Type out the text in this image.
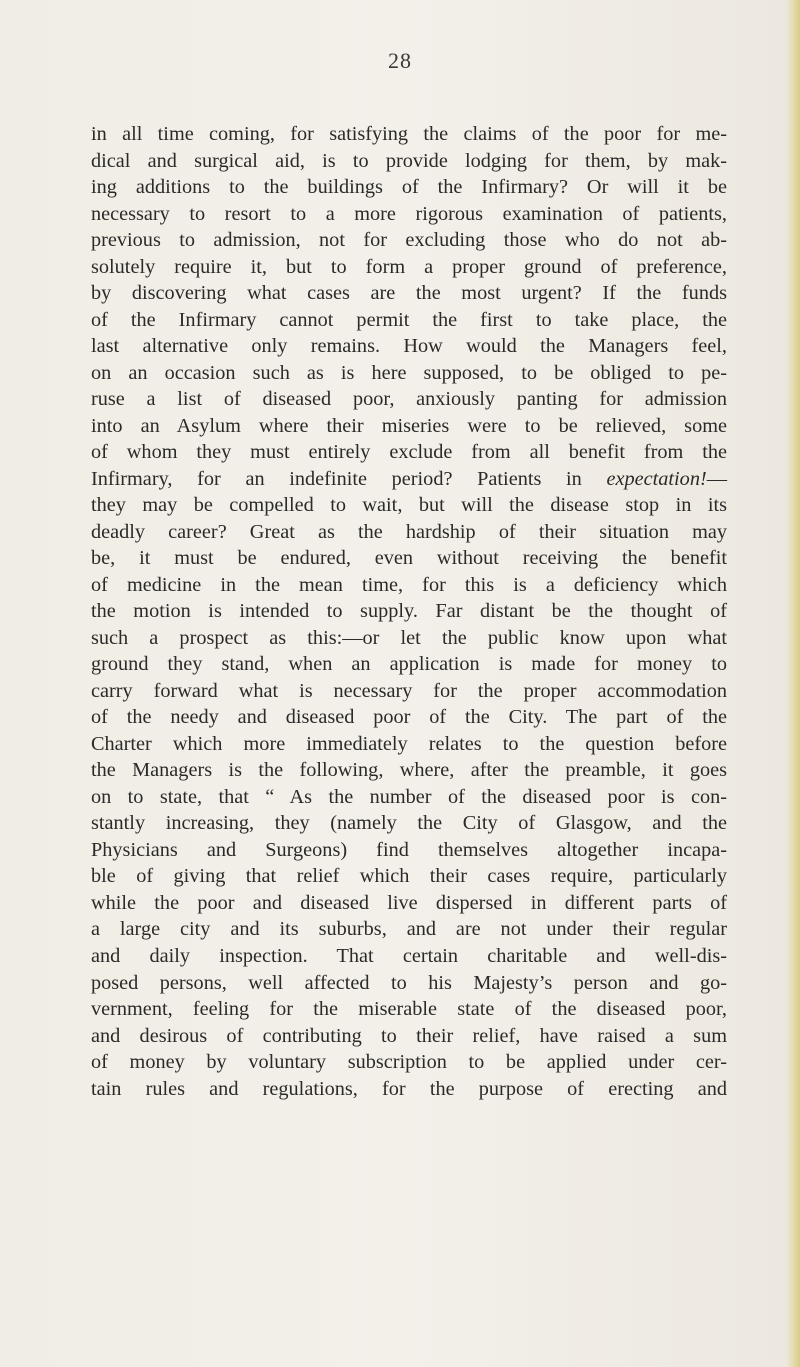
28
in all time coming, for satisfying the claims of the poor for me-
dical and surgical aid, is to provide lodging for them, by mak-
ing additions to the buildings of the Infirmary? Or will it be
necessary to resort to a more rigorous examination of patients,
previous to admission, not for excluding those who do not ab-
solutely require it, but to form a proper ground of preference,
by discovering what cases are the most urgent? If the funds
of the Infirmary cannot permit the first to take place, the
last alternative only remains. How would the Managers feel,
on an occasion such as is here supposed, to be obliged to pe-
ruse a list of diseased poor, anxiously panting for admission
into an Asylum where their miseries were to be relieved, some
of whom they must entirely exclude from all benefit from the
Infirmary, for an indefinite period? Patients in expectation!—
they may be compelled to wait, but will the disease stop in its
deadly career? Great as the hardship of their situation may
be, it must be endured, even without receiving the benefit
of medicine in the mean time, for this is a deficiency which
the motion is intended to supply. Far distant be the thought of
such a prospect as this:—or let the public know upon what
ground they stand, when an application is made for money to
carry forward what is necessary for the proper accommodation
of the needy and diseased poor of the City. The part of the
Charter which more immediately relates to the question before
the Managers is the following, where, after the preamble, it goes
on to state, that “ As the number of the diseased poor is con-
stantly increasing, they (namely the City of Glasgow, and the
Physicians and Surgeons) find themselves altogether incapa-
ble of giving that relief which their cases require, particularly
while the poor and diseased live dispersed in different parts of
a large city and its suburbs, and are not under their regular
and daily inspection. That certain charitable and well-dis-
posed persons, well affected to his Majesty’s person and go-
vernment, feeling for the miserable state of the diseased poor,
and desirous of contributing to their relief, have raised a sum
of money by voluntary subscription to be applied under cer-
tain rules and regulations, for the purpose of erecting and
